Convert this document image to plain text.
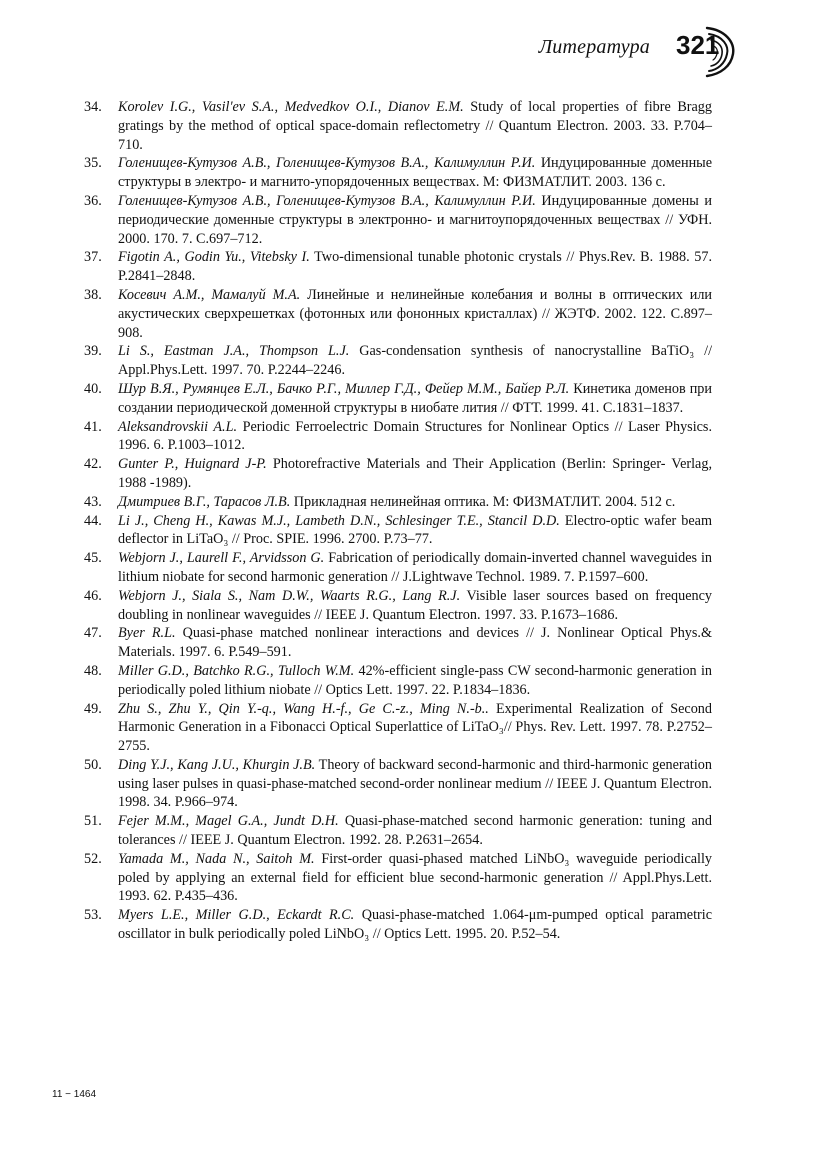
Литература 321
34.	Korolev I.G., Vasil'ev S.A., Medvedkov O.I., Dianov E.M. Study of local properties of fibre Bragg gratings by the method of optical space-domain reflectometry // Quantum Electron. 2003. 33. P.704–710.
35.	Голенищев-Кутузов А.В., Голенищев-Кутузов В.А., Калимуллин Р.И. Индуцированные доменные структуры в электро- и магнито-упорядоченных веществах. М: ФИЗМАТЛИТ. 2003. 136 с.
36.	Голенищев-Кутузов А.В., Голенищев-Кутузов В.А., Калимуллин Р.И. Индуцированные домены и периодические доменные структуры в электронно- и магнитоупорядоченных веществах // УФН. 2000. 170. 7. С.697–712.
37.	Figotin A., Godin Yu., Vitebsky I. Two-dimensional tunable photonic crystals // Phys.Rev. B. 1988. 57. P.2841–2848.
38.	Косевич А.М., Мамалуй М.А. Линейные и нелинейные колебания и волны в оптических или акустических сверхрешетках (фотонных или фононных кристаллах) // ЖЭТФ. 2002. 122. С.897–908.
39.	Li S., Eastman J.A., Thompson L.J. Gas-condensation synthesis of nanocrystalline BaTiO₃ // Appl.Phys.Lett. 1997. 70. P.2244–2246.
40.	Шур В.Я., Румянцев Е.Л., Бачко Р.Г., Миллер Г.Д., Фейер М.М., Байер Р.Л. Кинетика доменов при создании периодической доменной структуры в ниобате лития // ФТТ. 1999. 41. С.1831–1837.
41.	Aleksandrovskii A.L. Periodic Ferroelectric Domain Structures for Nonlinear Optics // Laser Physics. 1996. 6. P.1003–1012.
42.	Gunter P., Huignard J-P. Photorefractive Materials and Their Application (Berlin: Springer- Verlag, 1988 -1989).
43.	Дмитриев В.Г., Тарасов Л.В. Прикладная нелинейная оптика. М: ФИЗМАТЛИТ. 2004. 512 с.
44.	Li J., Cheng H., Kawas M.J., Lambeth D.N., Schlesinger T.E., Stancil D.D. Electro-optic wafer beam deflector in LiTaO₃ // Proc. SPIE. 1996. 2700. P.73–77.
45.	Webjorn J., Laurell F., Arvidsson G. Fabrication of periodically domain-inverted channel waveguides in lithium niobate for second harmonic generation // J.Lightwave Technol. 1989. 7. P.1597–600.
46.	Webjorn J., Siala S., Nam D.W., Waarts R.G., Lang R.J. Visible laser sources based on frequency doubling in nonlinear waveguides // IEEE J. Quantum Electron. 1997. 33. P.1673–1686.
47.	Byer R.L. Quasi-phase matched nonlinear interactions and devices // J. Nonlinear Optical Phys.& Materials. 1997. 6. P.549–591.
48.	Miller G.D., Batchko R.G., Tulloch W.M. 42%-efficient single-pass CW second-harmonic generation in periodically poled lithium niobate // Optics Lett. 1997. 22. P.1834–1836.
49.	Zhu S., Zhu Y., Qin Y.-q., Wang H.-f., Ge C.-z., Ming N.-b.. Experimental Realization of Second Harmonic Generation in a Fibonacci Optical Superlattice of LiTaO₃// Phys. Rev. Lett. 1997. 78. P.2752–2755.
50.	Ding Y.J., Kang J.U., Khurgin J.B. Theory of backward second-harmonic and third-harmonic generation using laser pulses in quasi-phase-matched second-order nonlinear medium // IEEE J. Quantum Electron. 1998. 34. P.966–974.
51.	Fejer M.M., Magel G.A., Jundt D.H. Quasi-phase-matched second harmonic generation: tuning and tolerances // IEEE J. Quantum Electron. 1992. 28. P.2631–2654.
52.	Yamada M., Nada N., Saitoh M. First-order quasi-phased matched LiNbO₃ waveguide periodically poled by applying an external field for efficient blue second-harmonic generation // Appl.Phys.Lett. 1993. 62. P.435–436.
53.	Myers L.E., Miller G.D., Eckardt R.C. Quasi-phase-matched 1.064-μm-pumped optical parametric oscillator in bulk periodically poled LiNbO₃ // Optics Lett. 1995. 20. P.52–54.
11 − 1464
